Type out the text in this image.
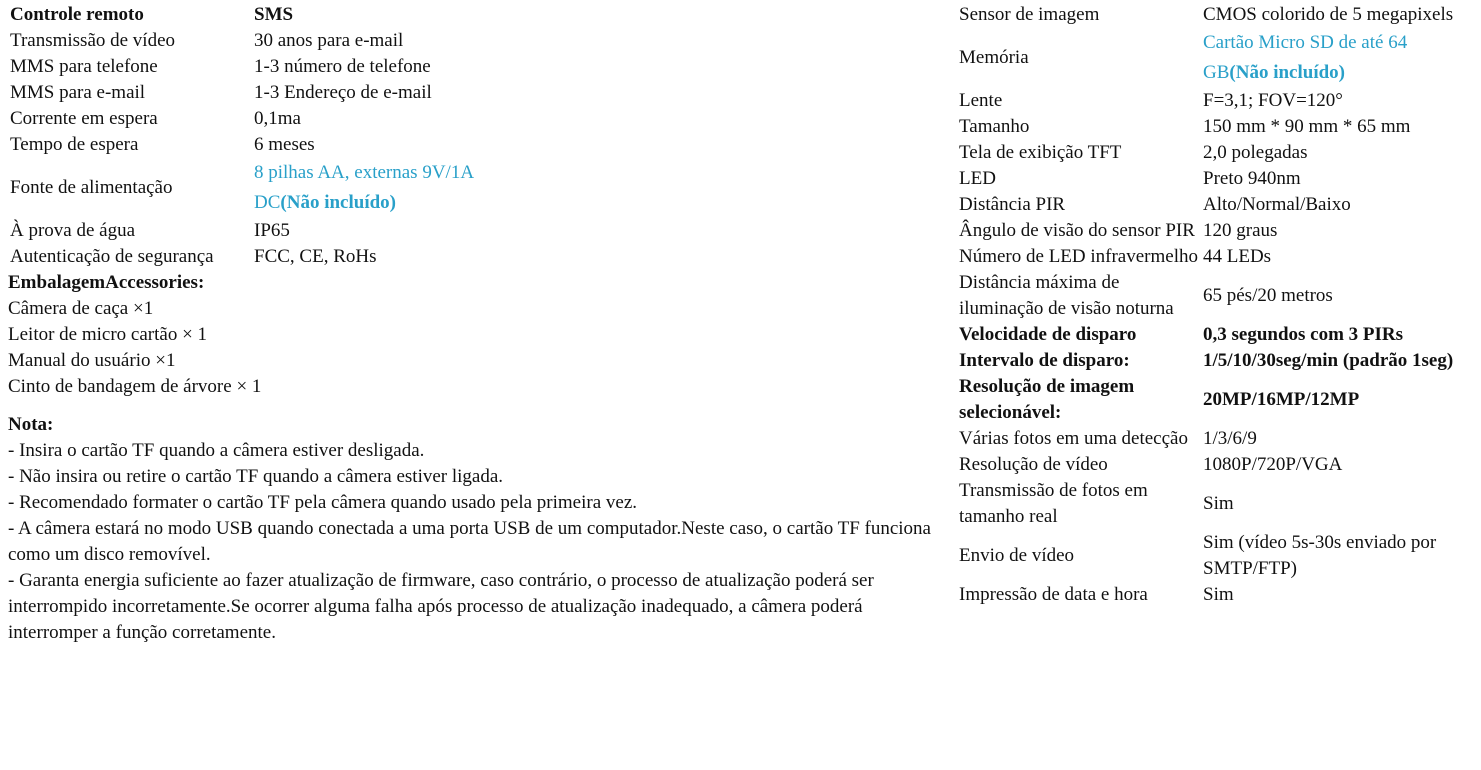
Controle remoto	SMS
Transmissão de vídeo	30 anos para e-mail
MMS para telefone	1-3 número de telefone
MMS para e-mail	1-3 Endereço de e-mail
Corrente em espera	0,1ma
Tempo de espera	6 meses
Fonte de alimentação	8 pilhas AA, externas 9V/1A
DC(Não incluído)
À prova de água	IP65
Autenticação de segurança	FCC, CE, RoHs
EmbalagemAccessories:
Câmera de caça ×1
Leitor de micro cartão × 1
Manual do usuário ×1
Cinto de bandagem de árvore × 1
Nota:
- Insira o cartão TF quando a câmera estiver desligada.
- Não insira ou retire o cartão TF quando a câmera estiver ligada.
- Recomendado formater o cartão TF pela câmera quando usado pela primeira vez.
- A câmera estará no modo USB quando conectada a uma porta USB de um computador.Neste caso, o cartão TF funciona como um disco removível.
- Garanta energia suficiente ao fazer atualização de firmware, caso contrário, o processo de atualização poderá ser interrompido incorretamente.Se ocorrer alguma falha após processo de atualização inadequado, a câmera poderá interromper a função corretamente.
Sensor de imagem	CMOS colorido de 5 megapixels
Memória	Cartão Micro SD de até 64
GB(Não incluído)
Lente	F=3,1; FOV=120°
Tamanho	150 mm * 90 mm * 65 mm
Tela de exibição TFT	2,0 polegadas
LED	Preto 940nm
Distância PIR	Alto/Normal/Baixo
Ângulo de visão do sensor PIR	120 graus
Número de LED infravermelho	44 LEDs
Distância máxima de iluminação de visão noturna	65 pés/20 metros
Velocidade de disparo	0,3 segundos com 3 PIRs
Intervalo de disparo:	1/5/10/30seg/min (padrão 1seg)
Resolução de imagem selecionável:	20MP/16MP/12MP
Várias fotos em uma detecção	1/3/6/9
Resolução de vídeo	1080P/720P/VGA
Transmissão de fotos em tamanho real	Sim
Envio de vídeo	Sim (vídeo 5s-30s enviado por SMTP/FTP)
Impressão de data e hora	Sim
